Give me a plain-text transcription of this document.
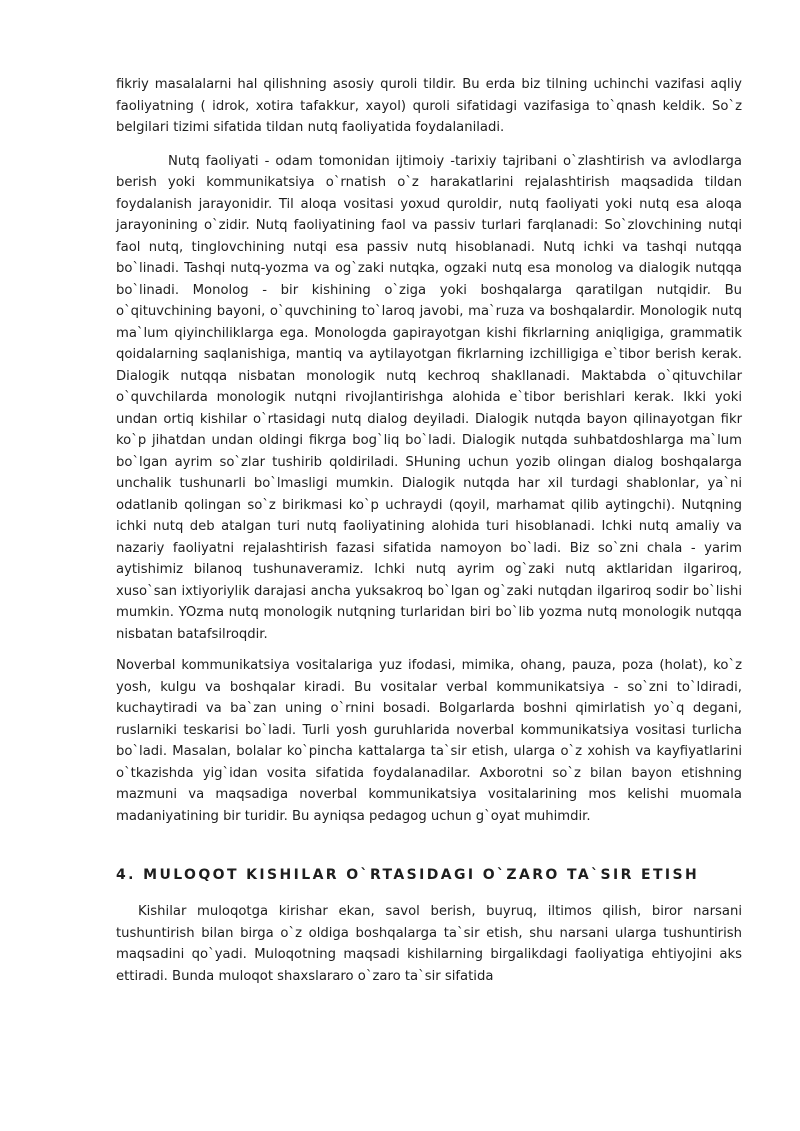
fikriy masalalarni hal qilishning asosiy quroli tildir. Bu erda biz tilning uchinchi vazifasi aqliy faoliyatning ( idrok, xotira tafakkur, xayol) quroli sifatidagi vazifasiga to`qnash keldik. So`z belgilari tizimi sifatida tildan nutq faoliyatida foydalaniladi.

Nutq faoliyati - odam tomonidan ijtimoiy -tarixiy tajribani o`zlashtirish va avlodlarga berish yoki kommunikatsiya o`rnatish o`z harakatlarini rejalashtirish maqsadida tildan foydalanish jarayonidir. Til aloqa vositasi yoxud quroldir, nutq faoliyati yoki nutq esa aloqa jarayonining o`zidir. Nutq faoliyatining faol va passiv turlari farqlanadi: So`zlovchining nutqi faol nutq, tinglovchining nutqi esa passiv nutq hisoblanadi. Nutq ichki va tashqi nutqqa bo`linadi. Tashqi nutq-yozma va og`zaki nutqka, ogzaki nutq esa monolog va dialogik nutqqa bo`linadi. Monolog - bir kishining o`ziga yoki boshqalarga qaratilgan nutqidir. Bu o`qituvchining bayoni, o`quvchining to`laroq javobi, ma`ruza va boshqalardir. Monologik nutq ma`lum qiyinchiliklarga ega. Monologda gapirayotgan kishi fikrlarning aniqligiga, grammatik qoidalarning saqlanishiga, mantiq va aytilayotgan fikrlarning izchilligiga e`tibor berish kerak. Dialogik nutqqa nisbatan monologik nutq kechroq shakllanadi. Maktabda o`qituvchilar o`quvchilarda monologik nutqni rivojlantirishga alohida e`tibor berishlari kerak. Ikki yoki undan ortiq kishilar o`rtasidagi nutq dialog deyiladi. Dialogik nutqda bayon qilinayotgan fikr ko`p jihatdan undan oldingi fikrga bog`liq bo`ladi. Dialogik nutqda suhbatdoshlarga ma`lum bo`lgan ayrim so`zlar tushirib qoldiriladi. SHuning uchun yozib olingan dialog boshqalarga unchalik tushunarli bo`lmasligi mumkin. Dialogik nutqda har xil turdagi shablonlar, ya`ni odatlanib qolingan so`z birikmasi ko`p uchraydi (qoyil, marhamat qilib aytingchi). Nutqning ichki nutq deb atalgan turi nutq faoliyatining alohida turi hisoblanadi. Ichki nutq amaliy va nazariy faoliyatni rejalashtirish fazasi sifatida namoyon bo`ladi. Biz so`zni chala - yarim aytishimiz bilanoq tushunaveramiz. Ichki nutq ayrim og`zaki nutq aktlaridan ilgariroq, xuso`san ixtiyoriylik darajasi ancha yuksakroq bo`lgan og`zaki nutqdan ilgariroq sodir bo`lishi mumkin. YOzma nutq monologik nutqning turlaridan biri bo`lib yozma nutq monologik nutqqa nisbatan batafsilroqdir.

Noverbal kommunikatsiya vositalariga yuz ifodasi, mimika, ohang, pauza, poza (holat), ko`z yosh, kulgu va boshqalar kiradi. Bu vositalar verbal kommunikatsiya - so`zni to`ldiradi, kuchaytiradi va ba`zan uning o`rnini bosadi. Bolgarlarda boshni qimirlatish yo`q degani, ruslarniki teskarisi bo`ladi. Turli yosh guruhlarida noverbal kommunikatsiya vositasi turlicha bo`ladi. Masalan, bolalar ko`pincha kattalarga ta`sir etish, ularga o`z xohish va kayfiyatlarini o`tkazishda yig`idan vosita sifatida foydalanadilar. Axborotni so`z bilan bayon etishning mazmuni va maqsadiga noverbal kommunikatsiya vositalarining mos kelishi muomala madaniyatining bir turidir. Bu ayniqsa pedagog uchun g`oyat muhimdir.

4. MULOQOT KISHILAR O`RTASIDAGI O`ZARO TA`SIR ETISH

Kishilar muloqotga kirishar ekan, savol berish, buyruq, iltimos qilish, biror narsani tushuntirish bilan birga o`z oldiga boshqalarga ta`sir etish, shu narsani ularga tushuntirish maqsadini qo`yadi. Muloqotning maqsadi kishilarning birgalikdagi faoliyatiga ehtiyojini aks ettiradi. Bunda muloqot shaxslararo o`zaro ta`sir sifatida
